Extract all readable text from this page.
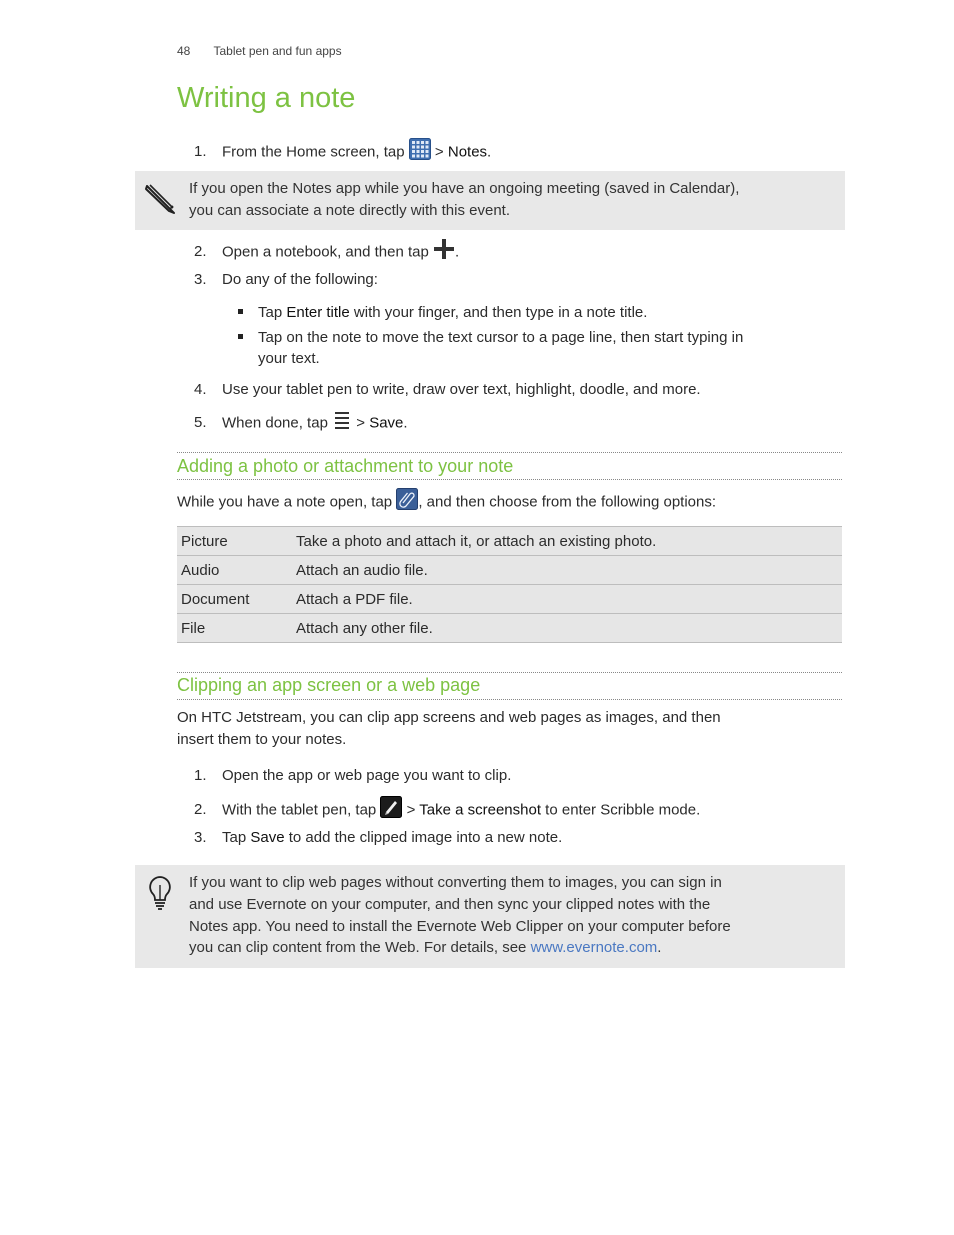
48 Tablet pen and fun apps
Writing a note
1. From the Home screen, tap  > Notes.
If you open the Notes app while you have an ongoing meeting (saved in Calendar),
you can associate a note directly with this event.
2. Open a notebook, and then tap .
3. Do any of the following:
Tap Enter title with your finger, and then type in a note title.
Tap on the note to move the text cursor to a page line, then start typing in
your text.
4. Use your tablet pen to write, draw over text, highlight, doodle, and more.
5. When done, tap  > Save.
Adding a photo or attachment to your note
While you have a note open, tap , and then choose from the following options:
Picture	Take a photo and attach it, or attach an existing photo.
Audio	Attach an audio file.
Document	Attach a PDF file.
File	Attach any other file.
Clipping an app screen or a web page
On HTC Jetstream, you can clip app screens and web pages as images, and then
insert them to your notes.
1. Open the app or web page you want to clip.
2. With the tablet pen, tap  > Take a screenshot to enter Scribble mode.
3. Tap Save to add the clipped image into a new note.
If you want to clip web pages without converting them to images, you can sign in
and use Evernote on your computer, and then sync your clipped notes with the
Notes app. You need to install the Evernote Web Clipper on your computer before
you can clip content from the Web. For details, see www.evernote.com.
